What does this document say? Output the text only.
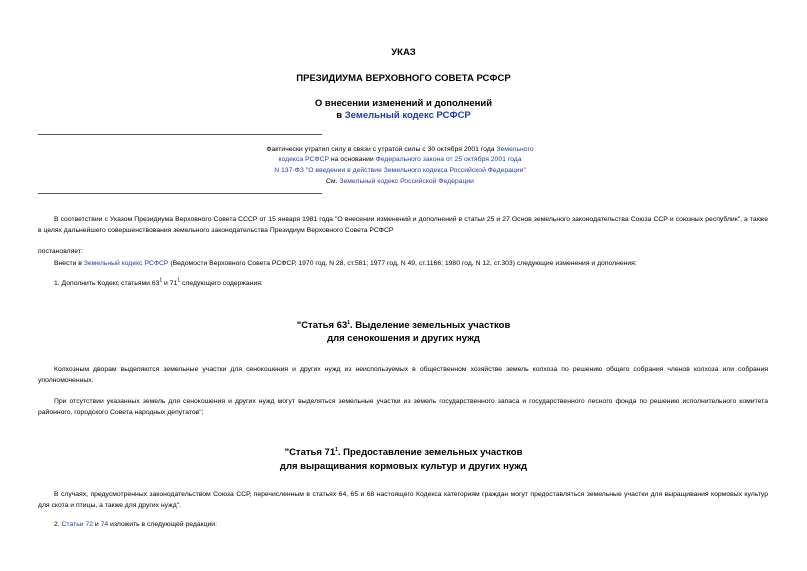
УКАЗ
ПРЕЗИДИУМА ВЕРХОВНОГО СОВЕТА РСФСР
О внесении изменений и дополнений
в Земельный кодекс РСФСР
Фактически утратил силу в связи с утратой силы с 30 октября 2001 года Земельного
кодекса РСФСР на основании Федерального закона от 25 октября 2001 года
N 137-ФЗ "О введении в действие Земельного кодекса Российской Федерации"
См. Земельный кодекс Российской Федерации
В соответствии с Указом Президиума Верховного Совета СССР от 15 января 1981 года "О внесении изменений и дополнений в статьи 25 и 27 Основ земельного законодательства Союза ССР и союзных республик", а также в целях дальнейшего совершенствования земельного законодательства Президиум Верховного Совета РСФСР
постановляет:
Внести в Земельный кодекс РСФСР (Ведомости Верховного Совета РСФСР, 1970 год, N 28, ст.581; 1977 год, N 49, ст.1166; 1980 год, N 12, ст.303) следующие изменения и дополнения:
1. Дополнить Кодекс статьями $63^1$ и $71^1$ следующего содержания:
"Статья $63^1$. Выделение земельных участков
для сенокошения и других нужд
Колхозным дворам выделяются земельные участки для сенокошения и других нужд из неиспользуемых в общественном хозяйстве земель колхоза по решению общего собрания членов колхоза или собрания уполномоченных.
При отсутствии указанных земель для сенокошения и других нужд могут выделяться земельные участки из земель государственного запаса и государственного лесного фонда по решению исполнительного комитета районного, городского Совета народных депутатов";
"Статья $71^1$. Предоставление земельных участков
для выращивания кормовых культур и других нужд
В случаях, предусмотренных законодательством Союза ССР, перечисленным в статьях 64, 65 и 68 настоящего Кодекса категориям граждан могут предоставляться земельные участки для выращивания кормовых культур для скота и птицы, а также для других нужд".
2. Статьи 72 и 74 изложить в следующей редакции:
